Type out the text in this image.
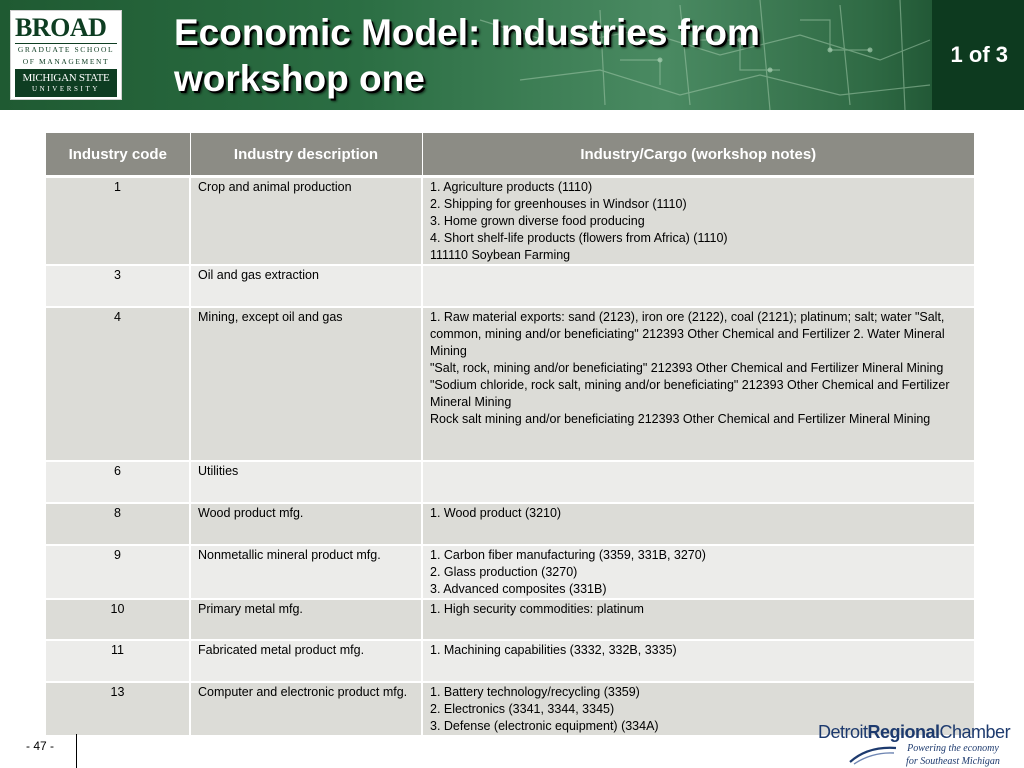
BROAD
GRADUATE SCHOOL
OF MANAGEMENT
MICHIGAN STATE
UNIVERSITY
Economic Model: Industries from
workshop one
1 of 3
Industry code	Industry description	Industry/Cargo (workshop notes)
1	Crop and animal production	1. Agriculture products (1110)
2. Shipping for greenhouses in Windsor (1110)
3. Home grown diverse food producing
4. Short shelf-life products (flowers from Africa) (1110)
111110 Soybean Farming

3	Oil and gas extraction	
4	Mining, except oil and gas	1. Raw material exports: sand (2123), iron ore (2122), coal (2121); platinum; salt; water "Salt, common, mining and/or beneficiating" 212393 Other Chemical and Fertilizer 2. Water Mineral Mining
"Salt, rock, mining and/or beneficiating" 212393 Other Chemical and Fertilizer Mineral Mining
"Sodium chloride, rock salt, mining and/or beneficiating" 212393 Other Chemical and Fertilizer Mineral Mining
Rock salt mining and/or beneficiating 212393 Other Chemical and Fertilizer Mineral Mining

6	Utilities	
8	Wood product mfg.	1. Wood product (3210)

9	Nonmetallic mineral product mfg.	1. Carbon fiber manufacturing (3359, 331B, 3270)
2. Glass production (3270)
3. Advanced composites (331B)

10	Primary metal mfg.	1. High security commodities: platinum

11	Fabricated metal product mfg.	1. Machining capabilities (3332, 332B, 3335)

13	Computer and electronic product mfg.	1. Battery technology/recycling (3359)
2. Electronics (3341, 3344, 3345)
3. Defense (electronic equipment) (334A)
- 47 -
DetroitRegionalChamber
Powering the economy
for Southeast Michigan
